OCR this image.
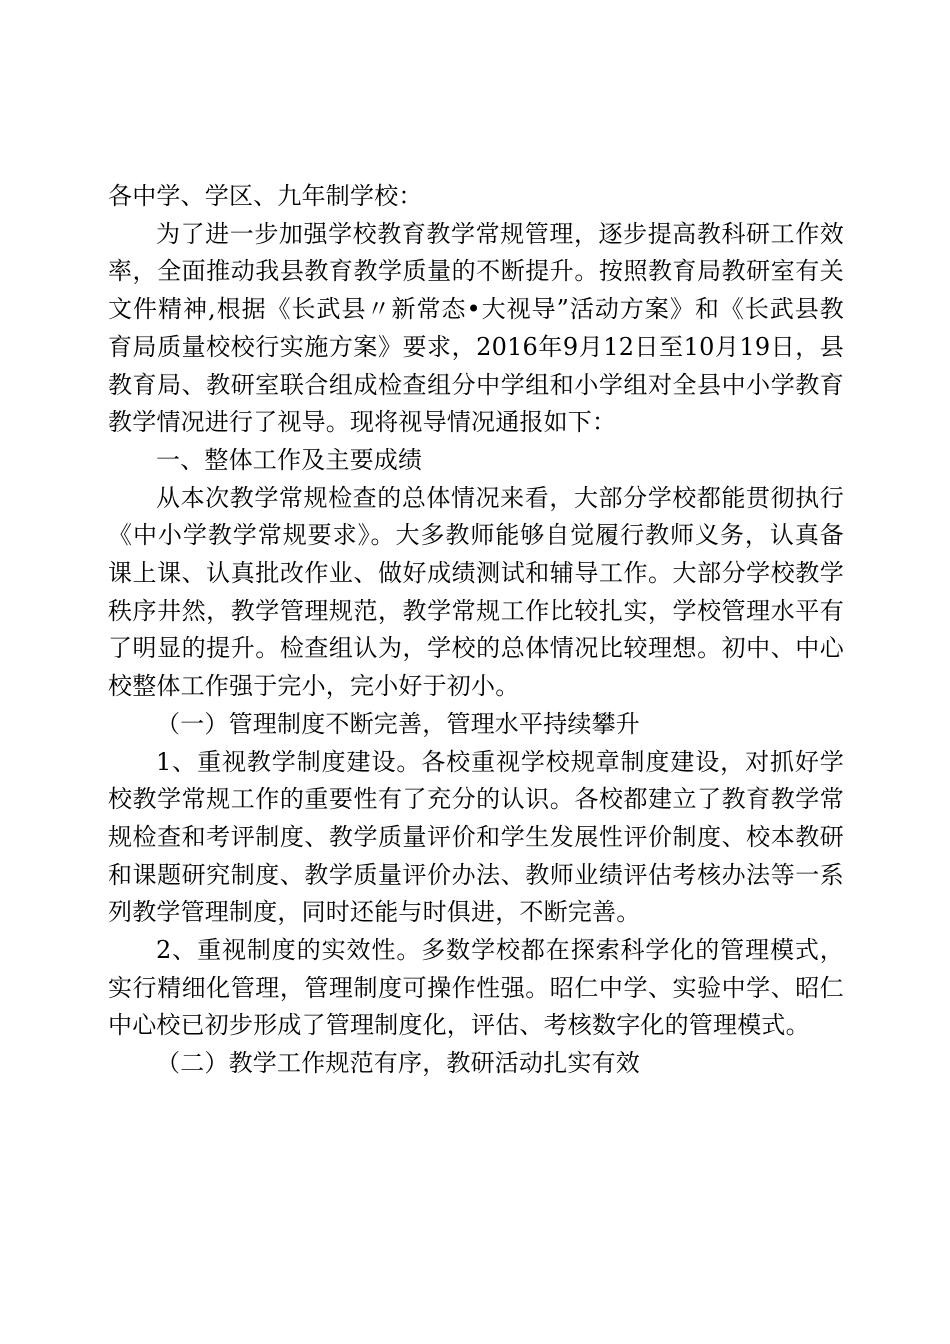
各中学、学区、九年制学校：

为了进一步加强学校教育教学常规管理，逐步提高教科研工作效率，全面推动我县教育教学质量的不断提升。按照教育局教研室有关文件精神,根据《长武县〃新常态•大视导”活动方案》和《长武县教育局质量校校行实施方案》要求，2016年9月12日至10月19日，县教育局、教研室联合组成检查组分中学组和小学组对全县中小学教育教学情况进行了视导。现将视导情况通报如下：

一、整体工作及主要成绩

从本次教学常规检查的总体情况来看，大部分学校都能贯彻执行《中小学教学常规要求》。大多教师能够自觉履行教师义务，认真备课上课、认真批改作业、做好成绩测试和辅导工作。大部分学校教学秩序井然，教学管理规范，教学常规工作比较扎实，学校管理水平有了明显的提升。检查组认为，学校的总体情况比较理想。初中、中心校整体工作强于完小，完小好于初小。

（一）管理制度不断完善，管理水平持续攀升

1、重视教学制度建设。各校重视学校规章制度建设，对抓好学校教学常规工作的重要性有了充分的认识。各校都建立了教育教学常规检查和考评制度、教学质量评价和学生发展性评价制度、校本教研和课题研究制度、教学质量评价办法、教师业绩评估考核办法等一系列教学管理制度，同时还能与时俱进，不断完善。

2、重视制度的实效性。多数学校都在探索科学化的管理模式，实行精细化管理，管理制度可操作性强。昭仁中学、实验中学、昭仁中心校已初步形成了管理制度化，评估、考核数字化的管理模式。

（二）教学工作规范有序，教研活动扎实有效
